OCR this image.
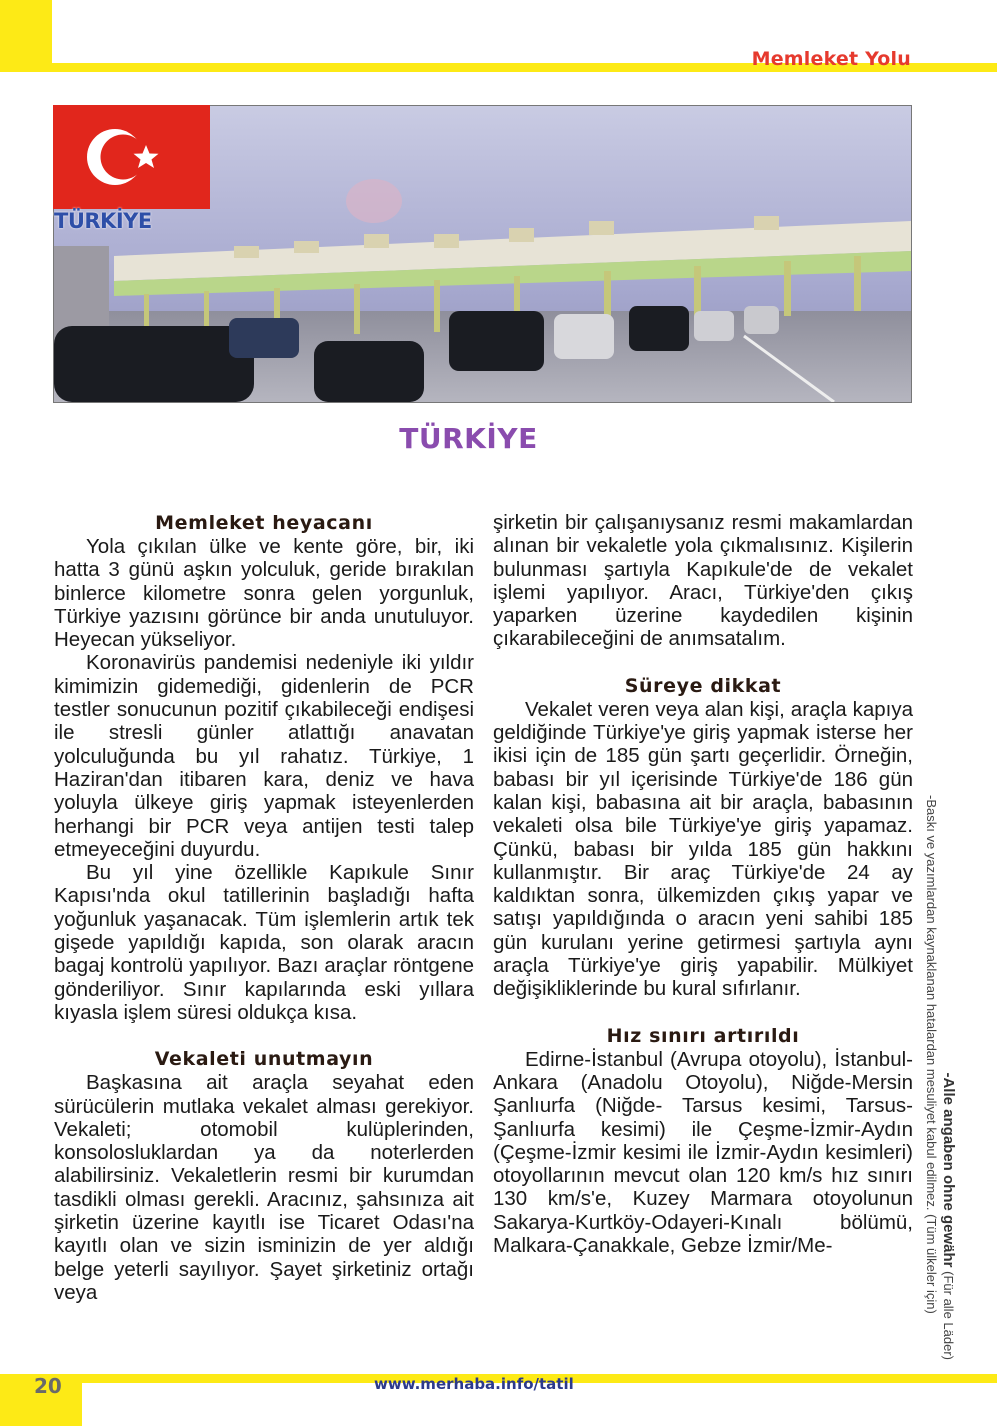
Memleket Yolu
TÜRKİYE
TÜRKİYE
Memleket heyacanı

Yola çıkılan ülke ve kente göre, bir, iki hatta 3 günü aşkın yolculuk, geride bırakılan binlerce kilometre sonra gelen yorgunluk, Türkiye yazısını görünce bir anda unutuluyor. Heyecan yükseliyor.

Koronavirüs pandemisi nedeniyle iki yıldır kimimizin gidemediği, gidenlerin de PCR testler sonucunun pozitif çıkabileceği endişesi ile stresli günler atlattığı anavatan yolculuğunda bu yıl rahatız. Türkiye, 1 Haziran'dan itibaren kara, deniz ve hava yoluyla ülkeye giriş yapmak isteyenlerden herhangi bir PCR veya antijen testi talep etmeyeceğini duyurdu.

Bu yıl yine özellikle Kapıkule Sınır Kapısı'nda okul tatillerinin başladığı hafta yoğunluk yaşanacak. Tüm işlemlerin artık tek gişede yapıldığı kapıda, son olarak aracın bagaj kontrolü yapılıyor. Bazı araçlar röntgene gönderiliyor. Sınır kapılarında eski yıllara kıyasla işlem süresi oldukça kısa.

Vekaleti unutmayın

Başkasına ait araçla seyahat eden sürücülerin mutlaka vekalet alması gerekiyor. Vekaleti; otomobil kulüplerinden, konsolosluklardan ya da noterlerden alabilirsiniz. Vekaletlerin resmi bir kurumdan tasdikli olması gerekli. Aracınız, şahsınıza ait şirketin üzerine kayıtlı ise Ticaret Odası'na kayıtlı olan ve sizin isminizin de yer aldığı belge yeterli sayılıyor. Şayet şirketiniz ortağı veya

şirketin bir çalışanıysanız resmi makamlardan alınan bir vekaletle yola çıkmalısınız. Kişilerin bulunması şartıyla Kapıkule'de de vekalet işlemi yapılıyor. Aracı, Türkiye'den çıkış yaparken üzerine kaydedilen kişinin çıkarabileceğini de anımsatalım.

Süreye dikkat

Vekalet veren veya alan kişi, araçla kapıya geldiğinde Türkiye'ye giriş yapmak isterse her ikisi için de 185 gün şartı geçerlidir. Örneğin, babası bir yıl içerisinde Türkiye'de 186 gün kalan kişi, babasına ait bir araçla, babasının vekaleti olsa bile Türkiye'ye giriş yapamaz. Çünkü, babası bir yılda 185 gün hakkını kullanmıştır. Bir araç Türkiye'de 24 ay kaldıktan sonra, ülkemizden çıkış yapar ve satışı yapıldığında o aracın yeni sahibi 185 gün kurulanı yerine getirmesi şartıyla aynı araçla Türkiye'ye giriş yapabilir. Mülkiyet değişikliklerinde bu kural sıfırlanır.

Hız sınırı artırıldı

Edirne-İstanbul (Avrupa otoyolu), İstanbul-Ankara (Anadolu Otoyolu), Niğde-Mersin Şanlıurfa (Niğde- Tarsus kesimi, Tarsus-Şanlıurfa kesimi) ile Çeşme-İzmir-Aydın (Çeşme-İzmir kesimi ile İzmir-Aydın kesimleri) otoyollarının mevcut olan 120 km/s hız sınırı 130 km/s'e, Kuzey Marmara otoyolunun Sakarya-Kurtköy-Odayeri-Kınalı bölümü, Malkara-Çanakkale, Gebze İzmir/Me-	-Alle angaben ohne gewähr (Für alle Läder)
-Baskı ve yazımlardan kaynaklanan hatalardan mesuliyet kabul edilmez. (Tüm ülkeler için)
20	www.merhaba.info/tatil
